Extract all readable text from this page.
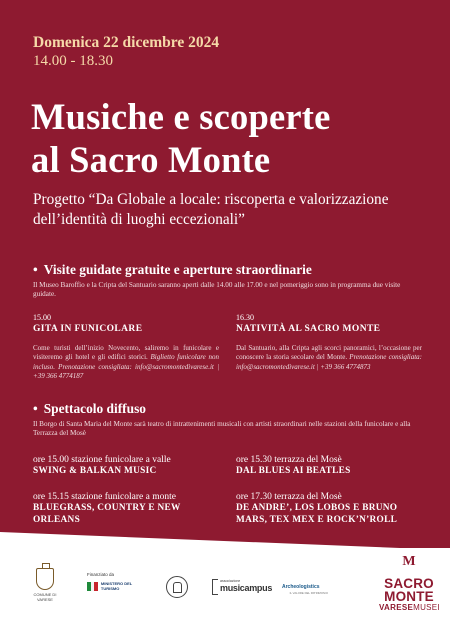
Domenica 22 dicembre 2024
14.00 - 18.30
Musiche e scoperte
al Sacro Monte
Progetto “Da Globale a locale: riscoperta e valorizzazione dell’identità di luoghi eccezionali”
• Visite guidate gratuite e aperture straordinarie
Il Museo Baroffio e la Cripta del Santuario saranno aperti dalle 14.00 alle 17.00 e nel pomeriggio sono in programma due visite guidate.
15.00
GITA IN FUNICOLARE
Come turisti dell’inizio Novecento, saliremo in funicolare e visiteremo gli hotel e gli edifici storici. Biglietto funicolare non incluso. Prenotazione consigliata: info@sacromontedivarese.it | +39 366 4774187
16.30
NATIVITÀ AL SACRO MONTE
Dal Santuario, alla Cripta agli scorci panoramici, l’occasione per conoscere la storia secolare del Monte. Prenotazione consigliata: info@sacromontedivarese.it | +39 366 4774873
• Spettacolo diffuso
Il Borgo di Santa Maria del Monte sarà teatro di intrattenimenti musicali con artisti straordinari nelle stazioni della funicolare e alla Terrazza del Mosè
ore 15.00 stazione funicolare a valle
SWING & BALKAN MUSIC
ore 15.30 terrazza del Mosè
DAL BLUES AI BEATLES
ore 15.15 stazione funicolare a monte
BLUEGRASS, COUNTRY E NEW ORLEANS
ore 17.30 terrazza del Mosè
DE ANDRE’, LOS LOBOS E BRUNO MARS, TEX MEX E ROCK’N’ROLL
COMUNE DI VARESE
Finanziato da
MINISTERO DEL TURISMO
associazione
musicampus Archeologistics
IL VALORE DEL PATRIMONIO
M
SACRO
MONTE
VARESEMUSEI
